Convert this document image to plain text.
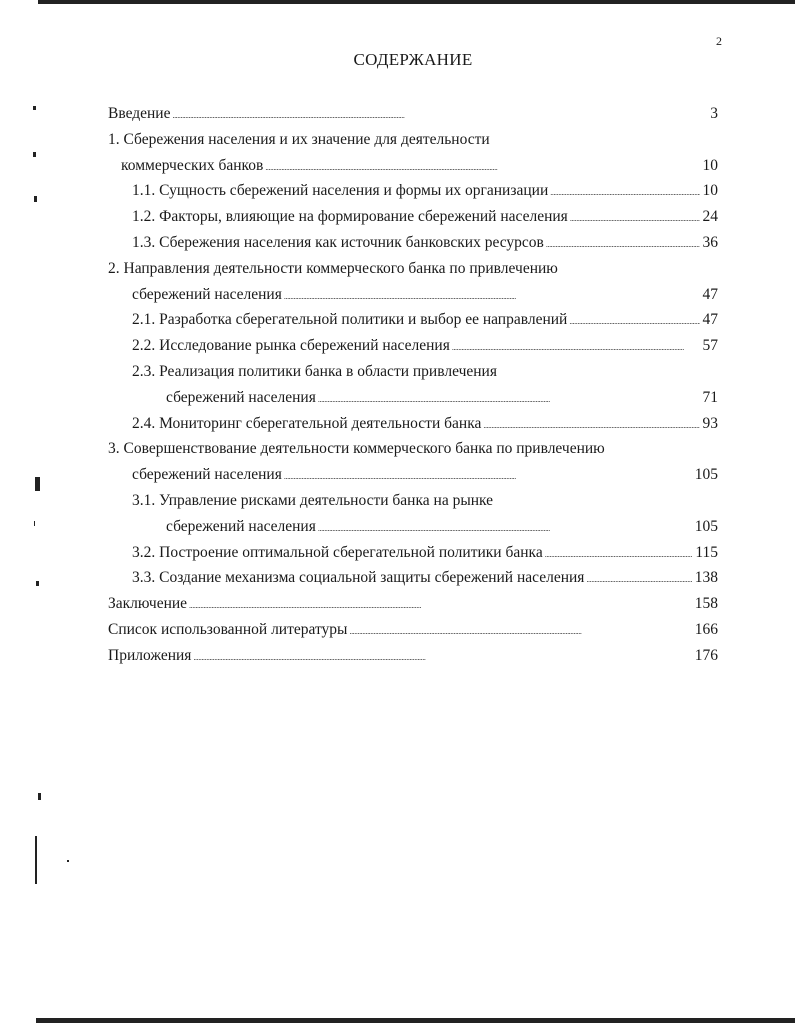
2
СОДЕРЖАНИЕ
Введение . . .	3
1. Сбережения населения и их значение для деятельности
коммерческих банков . . .	10
1.1. Сущность сбережений населения и формы их организации . . .	10
1.2. Факторы, влияющие на формирование сбережений населения . . .	24
1.3. Сбережения населения как источник банковских ресурсов . . .	36
2. Направления деятельности коммерческого банка по привлечению
сбережений населения . . .	47
2.1. Разработка сберегательной политики и выбор ее направлений . . .	47
2.2. Исследование рынка сбережений населения . . .	57
2.3. Реализация политики банка в области привлечения
сбережений населения . . .	71
2.4. Мониторинг сберегательной деятельности банка . . .	93
3. Совершенствование деятельности коммерческого банка по привлечению
сбережений населения . . .	105
3.1. Управление рисками деятельности банка на рынке
сбережений населения . . .	105
3.2. Построение оптимальной сберегательной политики банка . . .	115
3.3. Создание механизма социальной защиты сбережений населения . . .	138
Заключение . . .	158
Список использованной литературы . . .	166
Приложения . . .	176
